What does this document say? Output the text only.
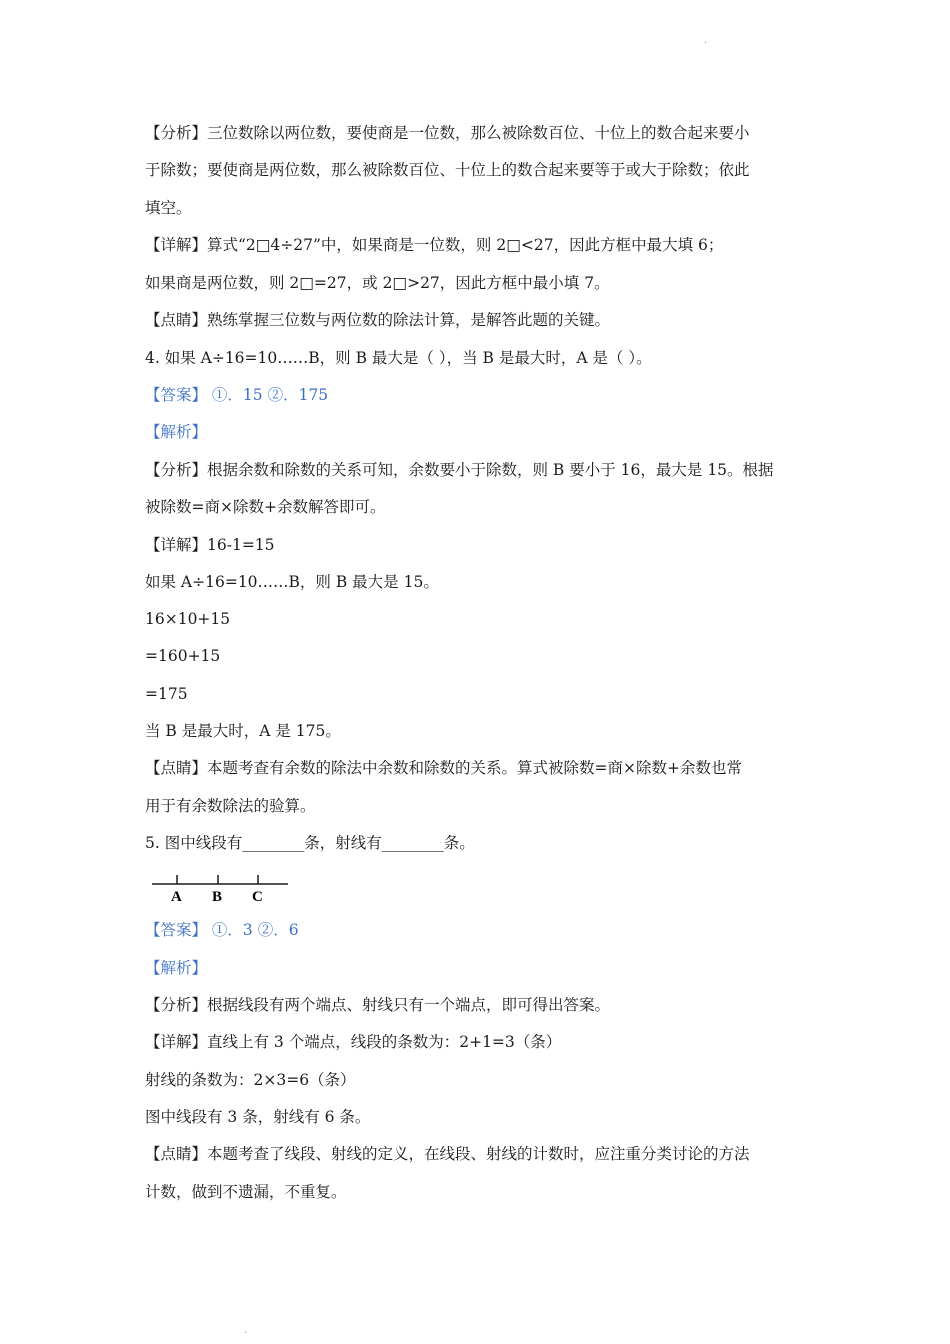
·
【分析】三位数除以两位数，要使商是一位数，那么被除数百位、十位上的数合起来要小
于除数；要使商是两位数，那么被除数百位、十位上的数合起来要等于或大于除数；依此
填空。
【详解】算式“2□4÷27”中，如果商是一位数，则 2□<27，因此方框中最大填 6；
如果商是两位数，则 2□=27，或 2□>27，因此方框中最小填 7。
【点睛】熟练掌握三位数与两位数的除法计算，是解答此题的关键。
4. 如果 A÷16=10……B，则 B 最大是（ ），当 B 是最大时，A 是（ ）。
【答案】 ①．15 ②．175
【解析】
【分析】根据余数和除数的关系可知，余数要小于除数，则 B 要小于 16，最大是 15。根据
被除数=商×除数+余数解答即可。
【详解】16-1=15
如果 A÷16=10……B，则 B 最大是 15。
16×10+15
=160+15
=175
当 B 是最大时，A 是 175。
【点睛】本题考查有余数的除法中余数和除数的关系。算式被除数=商×除数+余数也常
用于有余数除法的验算。
5. 图中线段有________条，射线有________条。
A B C
【答案】 ①．3 ②．6
【解析】
【分析】根据线段有两个端点、射线只有一个端点，即可得出答案。
【详解】直线上有 3 个端点，线段的条数为：2+1=3（条）
射线的条数为：2×3=6（条）
图中线段有 3 条，射线有 6 条。
【点睛】本题考查了线段、射线的定义，在线段、射线的计数时，应注重分类讨论的方法
计数，做到不遗漏，不重复。
·
